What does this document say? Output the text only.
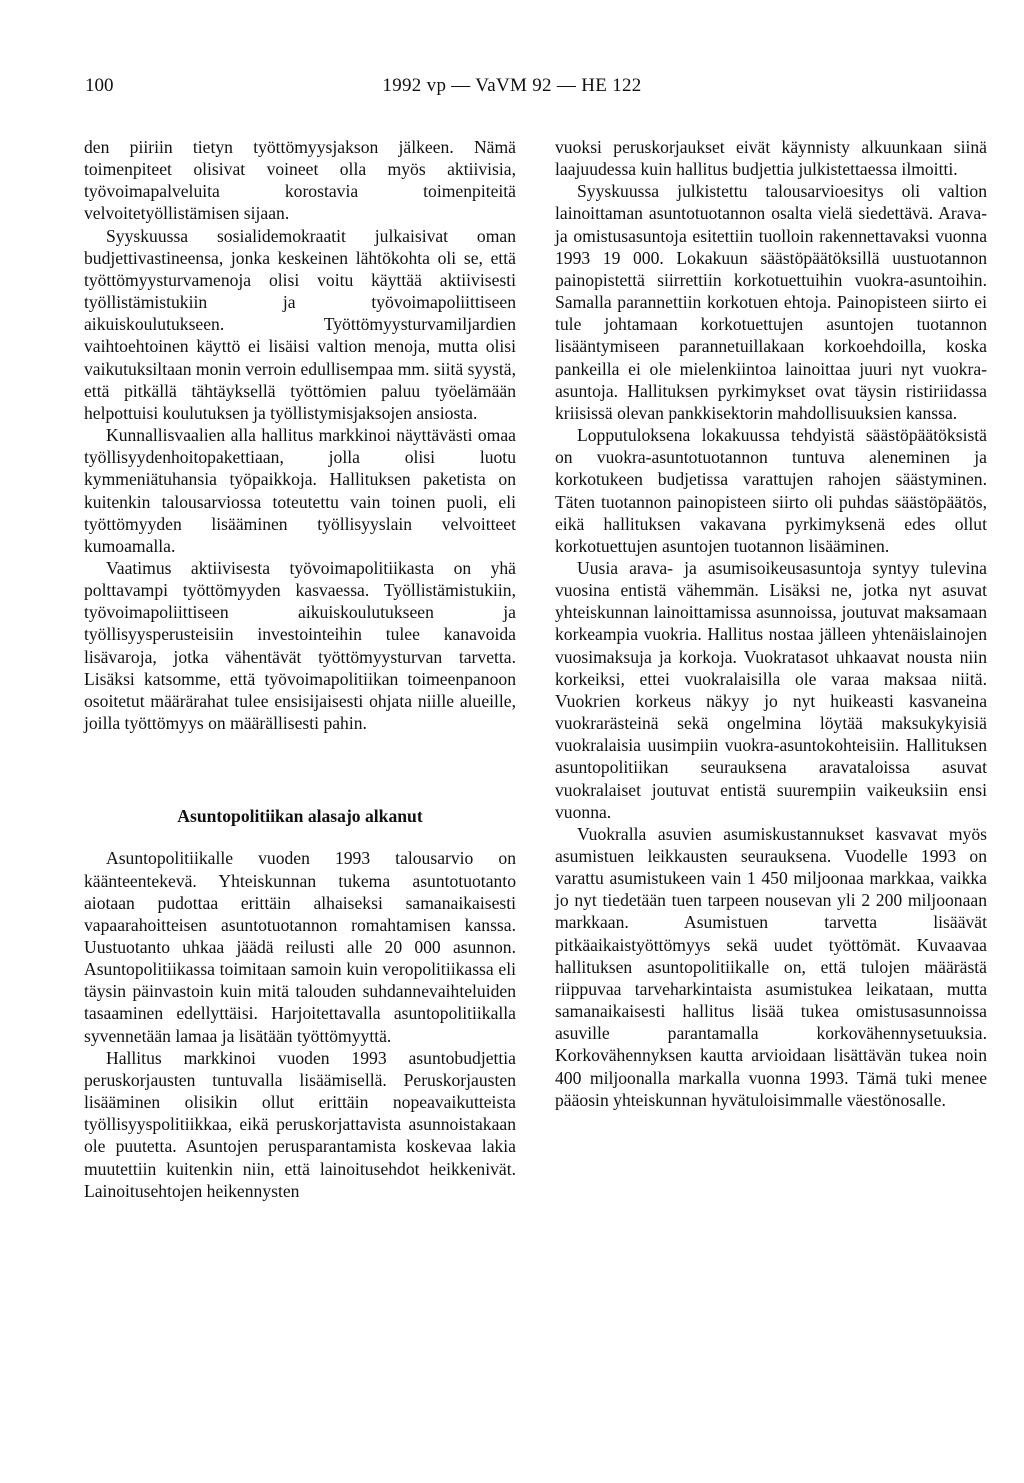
100	1992 vp — VaVM 92 — HE 122

den piiriin tietyn työttömyysjakson jälkeen. Nämä toimenpiteet olisivat voineet olla myös aktiivisia, työvoimapalveluita korostavia toimenpiteitä velvoitetyöllistämisen sijaan.

Syyskuussa sosialidemokraatit julkaisivat oman budjettivastineensa, jonka keskeinen lähtökohta oli se, että työttömyysturvamenoja olisi voitu käyttää aktiivisesti työllistämistukiin ja työvoimapoliittiseen aikuiskoulutukseen. Työttömyysturvamiljardien vaihtoehtoinen käyttö ei lisäisi valtion menoja, mutta olisi vaikutuksiltaan monin verroin edullisempaa mm. siitä syystä, että pitkällä tähtäyksellä työttömien paluu työelämään helpottuisi koulutuksen ja työllistymisjaksojen ansiosta.

Kunnallisvaalien alla hallitus markkinoi näyttävästi omaa työllisyydenhoitopakettiaan, jolla olisi luotu kymmeniätuhansia työpaikkoja. Hallituksen paketista on kuitenkin talousarviossa toteutettu vain toinen puoli, eli työttömyyden lisääminen työllisyyslain velvoitteet kumoamalla.

Vaatimus aktiivisesta työvoimapolitiikasta on yhä polttavampi työttömyyden kasvaessa. Työllistämistukiin, työvoimapoliittiseen aikuiskoulutukseen ja työllisyysperusteisiin investointeihin tulee kanavoida lisävaroja, jotka vähentävät työttömyysturvan tarvetta. Lisäksi katsomme, että työvoimapolitiikan toimeenpanoon osoitetut määrärahat tulee ensisijaisesti ohjata niille alueille, joilla työttömyys on määrällisesti pahin.

Asuntopolitiikan alasajo alkanut

Asuntopolitiikalle vuoden 1993 talousarvio on käänteentekevä. Yhteiskunnan tukema asuntotuotanto aiotaan pudottaa erittäin alhaiseksi samanaikaisesti vapaarahoitteisen asuntotuotannon romahtamisen kanssa. Uustuotanto uhkaa jäädä reilusti alle 20 000 asunnon. Asuntopolitiikassa toimitaan samoin kuin veropolitiikassa eli täysin päinvastoin kuin mitä talouden suhdannevaihteluiden tasaaminen edellyttäisi. Harjoitettavalla asuntopolitiikalla syvennetään lamaa ja lisätään työttömyyttä.

Hallitus markkinoi vuoden 1993 asuntobudjettia peruskorjausten tuntuvalla lisäämisellä. Peruskorjausten lisääminen olisikin ollut erittäin nopeavaikutteista työllisyyspolitiikkaa, eikä peruskorjattavista asunnoistakaan ole puutetta. Asuntojen perusparantamista koskevaa lakia muutettiin kuitenkin niin, että lainoitusehdot heikkenivät. Lainoitusehtojen heikennysten

vuoksi peruskorjaukset eivät käynnisty alkuunkaan siinä laajuudessa kuin hallitus budjettia julkistettaessa ilmoitti.

Syyskuussa julkistettu talousarvioesitys oli valtion lainoittaman asuntotuotannon osalta vielä siedettävä. Arava- ja omistusasuntoja esitettiin tuolloin rakennettavaksi vuonna 1993 19 000. Lokakuun säästöpäätöksillä uustuotannon painopistettä siirrettiin korkotuettuihin vuokra-asuntoihin. Samalla parannettiin korkotuen ehtoja. Painopisteen siirto ei tule johtamaan korkotuettujen asuntojen tuotannon lisääntymiseen parannetuillakaan korkoehdoilla, koska pankeilla ei ole mielenkiintoa lainoittaa juuri nyt vuokra-asuntoja. Hallituksen pyrkimykset ovat täysin ristiriidassa kriisissä olevan pankkisektorin mahdollisuuksien kanssa.

Lopputuloksena lokakuussa tehdyistä säästöpäätöksistä on vuokra-asuntotuotannon tuntuva aleneminen ja korkotukeen budjetissa varattujen rahojen säästyminen. Täten tuotannon painopisteen siirto oli puhdas säästöpäätös, eikä hallituksen vakavana pyrkimyksenä edes ollut korkotuettujen asuntojen tuotannon lisääminen.

Uusia arava- ja asumisoikeusasuntoja syntyy tulevina vuosina entistä vähemmän. Lisäksi ne, jotka nyt asuvat yhteiskunnan lainoittamissa asunnoissa, joutuvat maksamaan korkeampia vuokria. Hallitus nostaa jälleen yhtenäislainojen vuosimaksuja ja korkoja. Vuokratasot uhkaavat nousta niin korkeiksi, ettei vuokralaisilla ole varaa maksaa niitä. Vuokrien korkeus näkyy jo nyt huikeasti kasvaneina vuokrarästeinä sekä ongelmina löytää maksukykyisiä vuokralaisia uusimpiin vuokra-asuntokohteisiin. Hallituksen asuntopolitiikan seurauksena aravataloissa asuvat vuokralaiset joutuvat entistä suurempiin vaikeuksiin ensi vuonna.

Vuokralla asuvien asumiskustannukset kasvavat myös asumistuen leikkausten seurauksena. Vuodelle 1993 on varattu asumistukeen vain 1 450 miljoonaa markkaa, vaikka jo nyt tiedetään tuen tarpeen nousevan yli 2 200 miljoonaan markkaan. Asumistuen tarvetta lisäävät pitkäaikaistyöttömyys sekä uudet työttömät. Kuvaavaa hallituksen asuntopolitiikalle on, että tulojen määrästä riippuvaa tarveharkintaista asumistukea leikataan, mutta samanaikaisesti hallitus lisää tukea omistusasunnoissa asuville parantamalla korkovähennysetuuksia. Korkovähennyksen kautta arvioidaan lisättävän tukea noin 400 miljoonalla markalla vuonna 1993. Tämä tuki menee pääosin yhteiskunnan hyvätuloisimmalle väestönosalle.
